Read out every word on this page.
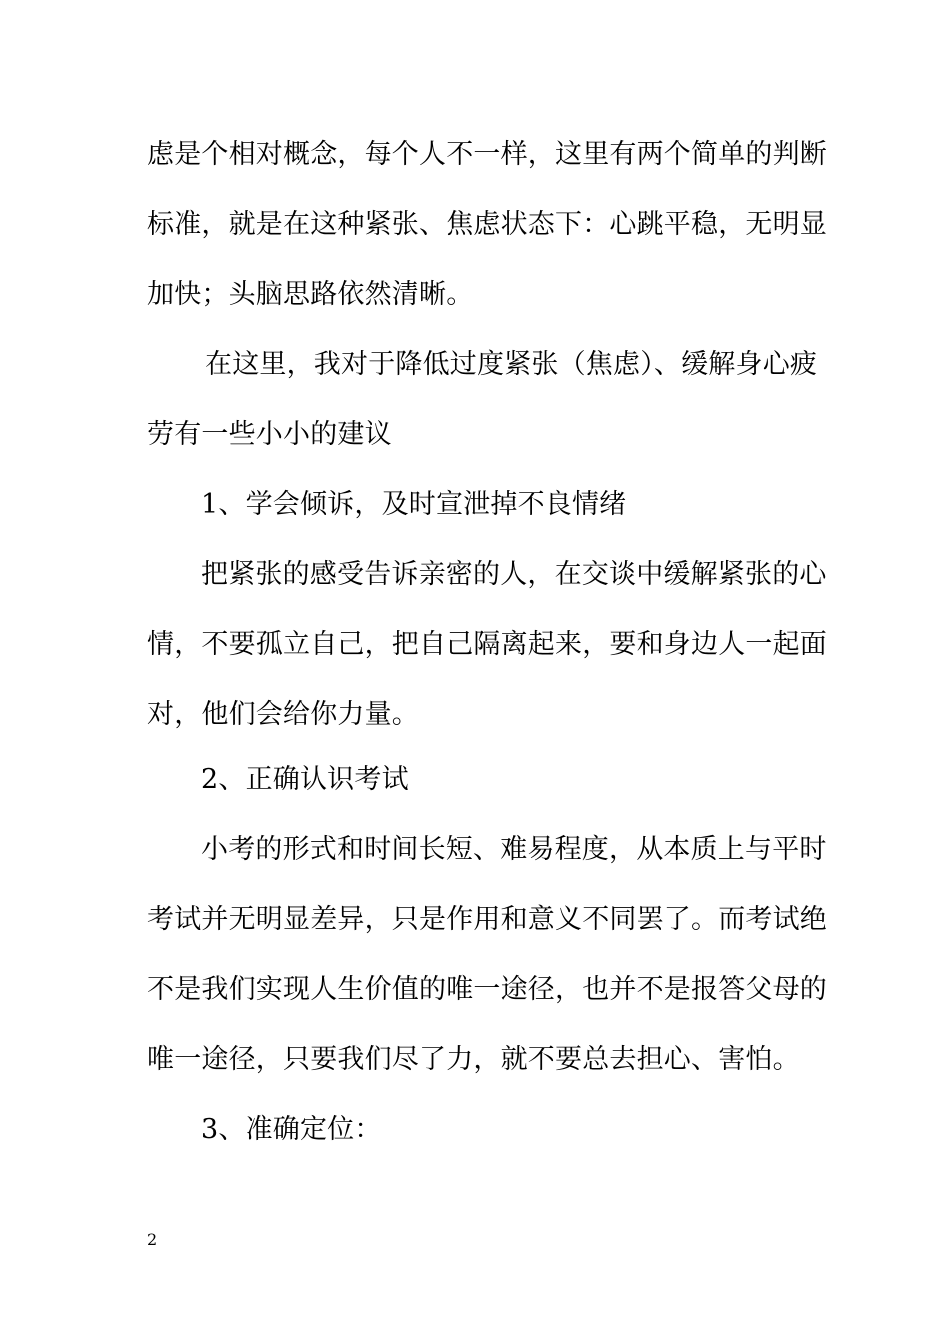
虑是个相对概念，每个人不一样，这里有两个简单的判断
标准，就是在这种紧张、焦虑状态下：心跳平稳，无明显
加快；头脑思路依然清晰。
在这里，我对于降低过度紧张（焦虑）、缓解身心疲
劳有一些小小的建议
1、学会倾诉，及时宣泄掉不良情绪
把紧张的感受告诉亲密的人，在交谈中缓解紧张的心
情，不要孤立自己，把自己隔离起来，要和身边人一起面
对，他们会给你力量。
2、正确认识考试
小考的形式和时间长短、难易程度，从本质上与平时
考试并无明显差异，只是作用和意义不同罢了。而考试绝
不是我们实现人生价值的唯一途径，也并不是报答父母的
唯一途径，只要我们尽了力，就不要总去担心、害怕。
3、准确定位：
2
